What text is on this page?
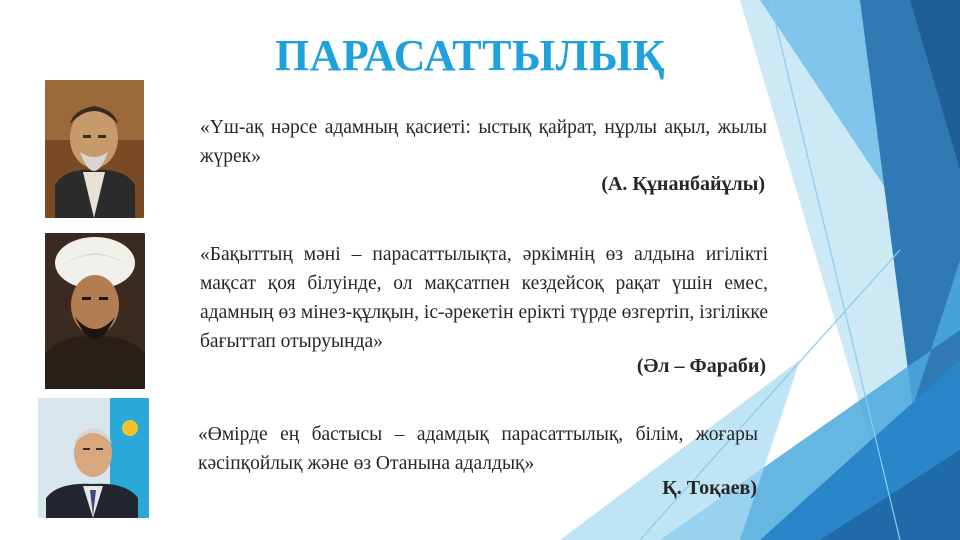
ПАРАСАТТЫЛЫҚ
«Үш-ақ нәрсе адамның қасиеті: ыстық қайрат, нұрлы ақыл, жылы жүрек»
(А. Құнанбайұлы)
«Бақыттың мәні – парасаттылықта, әркімнің өз алдына игілікті мақсат қоя білуінде, ол мақсатпен кездейсоқ рақат үшін емес, адамның өз мінез-құлқын, іс-әрекетін ерікті түрде өзгертіп, ізгілікке бағыттап отыруында»
(Әл – Фараби)
«Өмірде ең бастысы – адамдық парасаттылық, білім, жоғары кәсіпқойлық және өз Отанына адалдық»
Қ. Тоқаев)
